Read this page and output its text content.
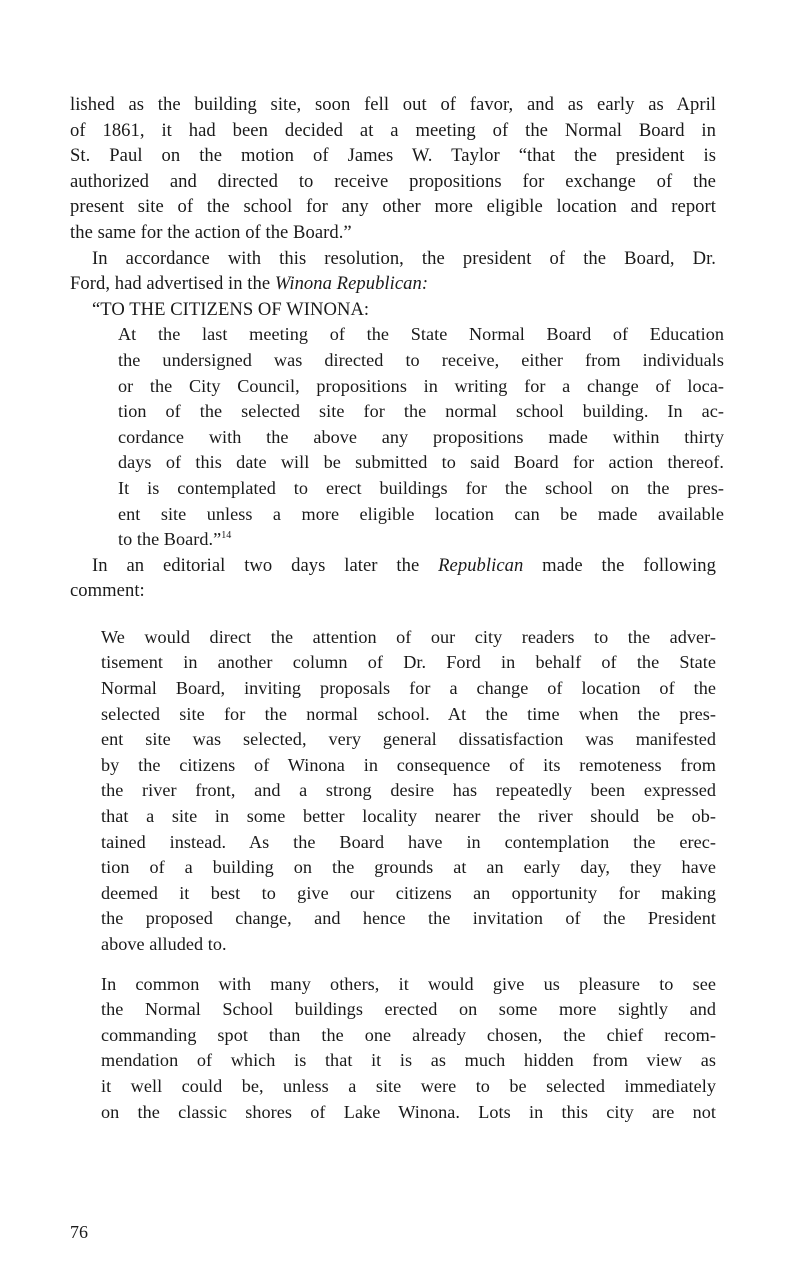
lished as the building site, soon fell out of favor, and as early as April
of 1861, it had been decided at a meeting of the Normal Board in
St. Paul on the motion of James W. Taylor “that the president is
authorized and directed to receive propositions for exchange of the
present site of the school for any other more eligible location and report
the same for the action of the Board.”
In accordance with this resolution, the president of the Board, Dr.
Ford, had advertised in the Winona Republican:
“TO THE CITIZENS OF WINONA:
At the last meeting of the State Normal Board of Education
the undersigned was directed to receive, either from individuals
or the City Council, propositions in writing for a change of loca-
tion of the selected site for the normal school building. In ac-
cordance with the above any propositions made within thirty
days of this date will be submitted to said Board for action thereof.
It is contemplated to erect buildings for the school on the pres-
ent site unless a more eligible location can be made available
to the Board.”$^{14}$
In an editorial two days later the Republican made the following
comment:
We would direct the attention of our city readers to the adver-
tisement in another column of Dr. Ford in behalf of the State
Normal Board, inviting proposals for a change of location of the
selected site for the normal school. At the time when the pres-
ent site was selected, very general dissatisfaction was manifested
by the citizens of Winona in consequence of its remoteness from
the river front, and a strong desire has repeatedly been expressed
that a site in some better locality nearer the river should be ob-
tained instead. As the Board have in contemplation the erec-
tion of a building on the grounds at an early day, they have
deemed it best to give our citizens an opportunity for making
the proposed change, and hence the invitation of the President
above alluded to.
In common with many others, it would give us pleasure to see
the Normal School buildings erected on some more sightly and
commanding spot than the one already chosen, the chief recom-
mendation of which is that it is as much hidden from view as
it well could be, unless a site were to be selected immediately
on the classic shores of Lake Winona. Lots in this city are not
76
